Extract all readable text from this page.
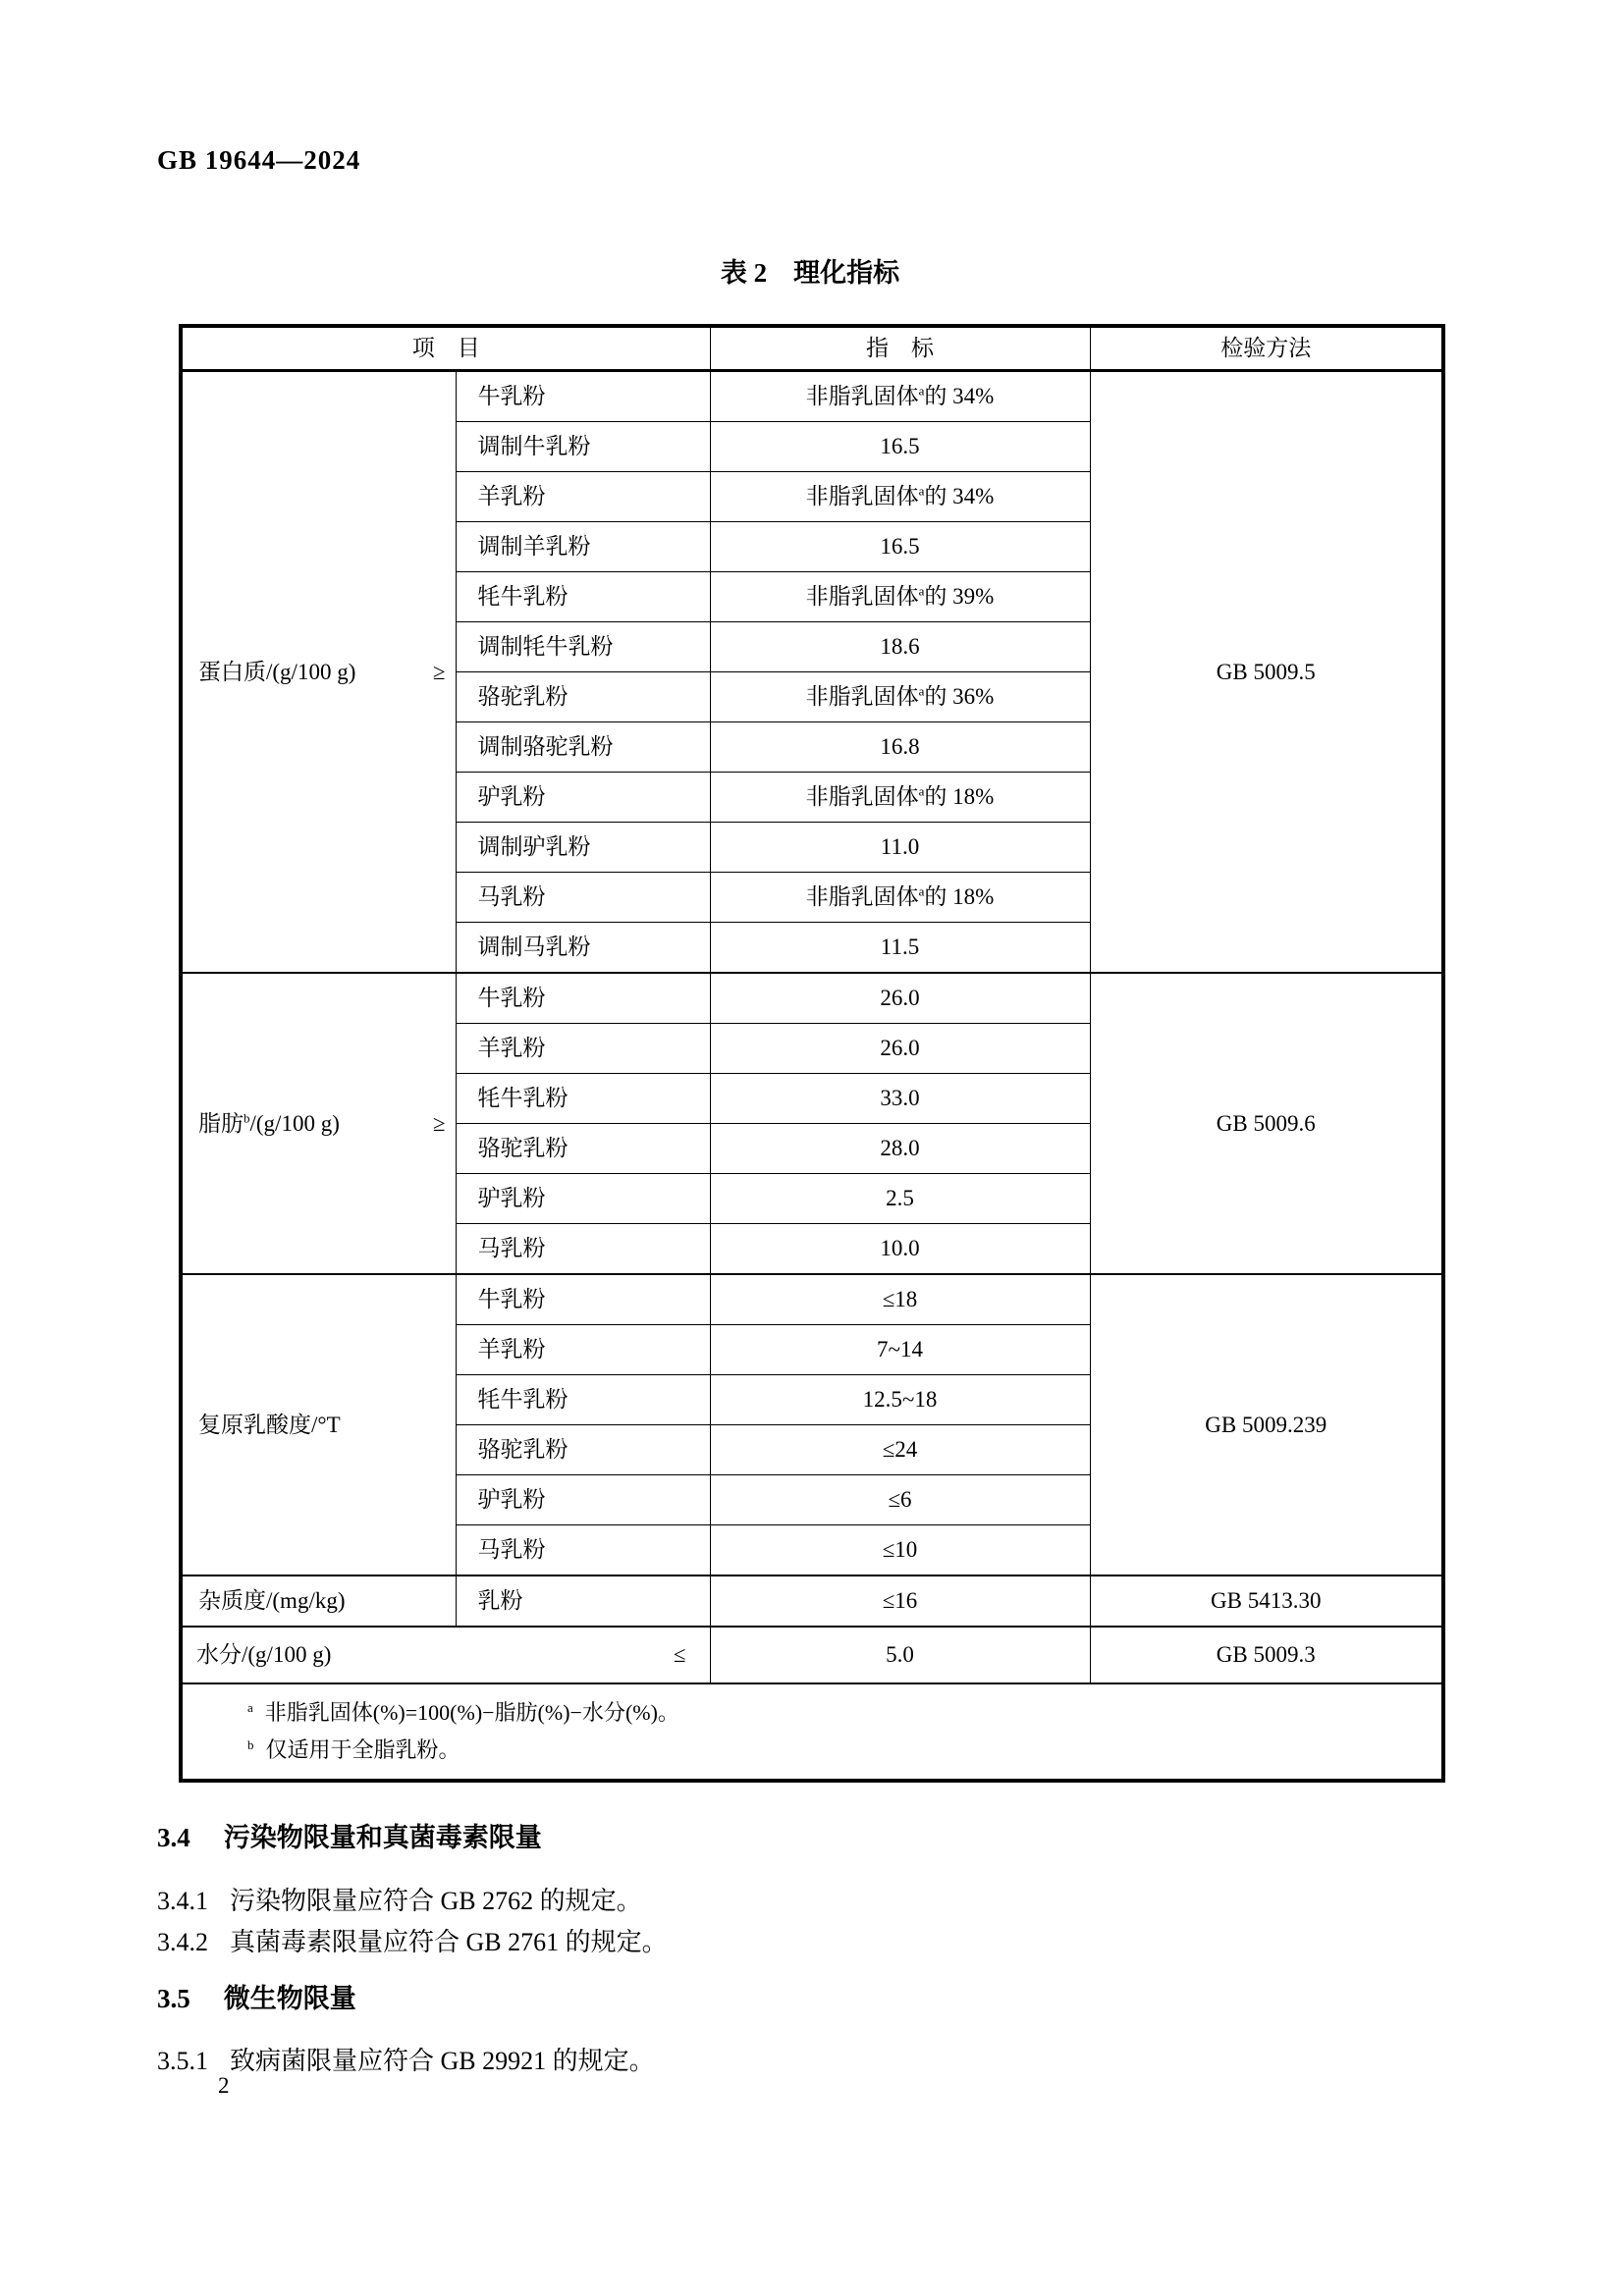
GB 19644—2024
表 2　理化指标
项　目		指　标	检验方法

蛋白质/(g/100 g) ≥	牛乳粉	非脂乳固体$^a$的 34%	GB 5009.5
	调制牛乳粉	16.5	
	羊乳粉	非脂乳固体$^a$的 34%	
	调制羊乳粉	16.5	
	牦牛乳粉	非脂乳固体$^a$的 39%	
	调制牦牛乳粉	18.6	
	骆驼乳粉	非脂乳固体$^a$的 36%	
	调制骆驼乳粉	16.8	
	驴乳粉	非脂乳固体$^a$的 18%	
	调制驴乳粉	11.0	
	马乳粉	非脂乳固体$^a$的 18%	
	调制马乳粉	11.5	

脂肪$^b$/(g/100 g) ≥	牛乳粉	26.0	GB 5009.6
	羊乳粉	26.0	
	牦牛乳粉	33.0	
	骆驼乳粉	28.0	
	驴乳粉	2.5	
	马乳粉	10.0	

复原乳酸度/°T	牛乳粉	≤18	GB 5009.239
	羊乳粉	7~14	
	牦牛乳粉	12.5~18	
	骆驼乳粉	≤24	
	驴乳粉	≤6	
	马乳粉	≤10	

杂质度/(mg/kg)	乳粉	≤16	GB 5413.30

水分/(g/100 g) ≤		5.0	GB 5009.3

$^a$ 非脂乳固体(%)=100(%)−脂肪(%)−水分(%)。
$^b$ 仅适用于全脂乳粉。			
3.4 污染物限量和真菌毒素限量
3.4.1 污染物限量应符合 GB 2762 的规定。
3.4.2 真菌毒素限量应符合 GB 2761 的规定。
3.5 微生物限量
3.5.1 致病菌限量应符合 GB 29921 的规定。
2
